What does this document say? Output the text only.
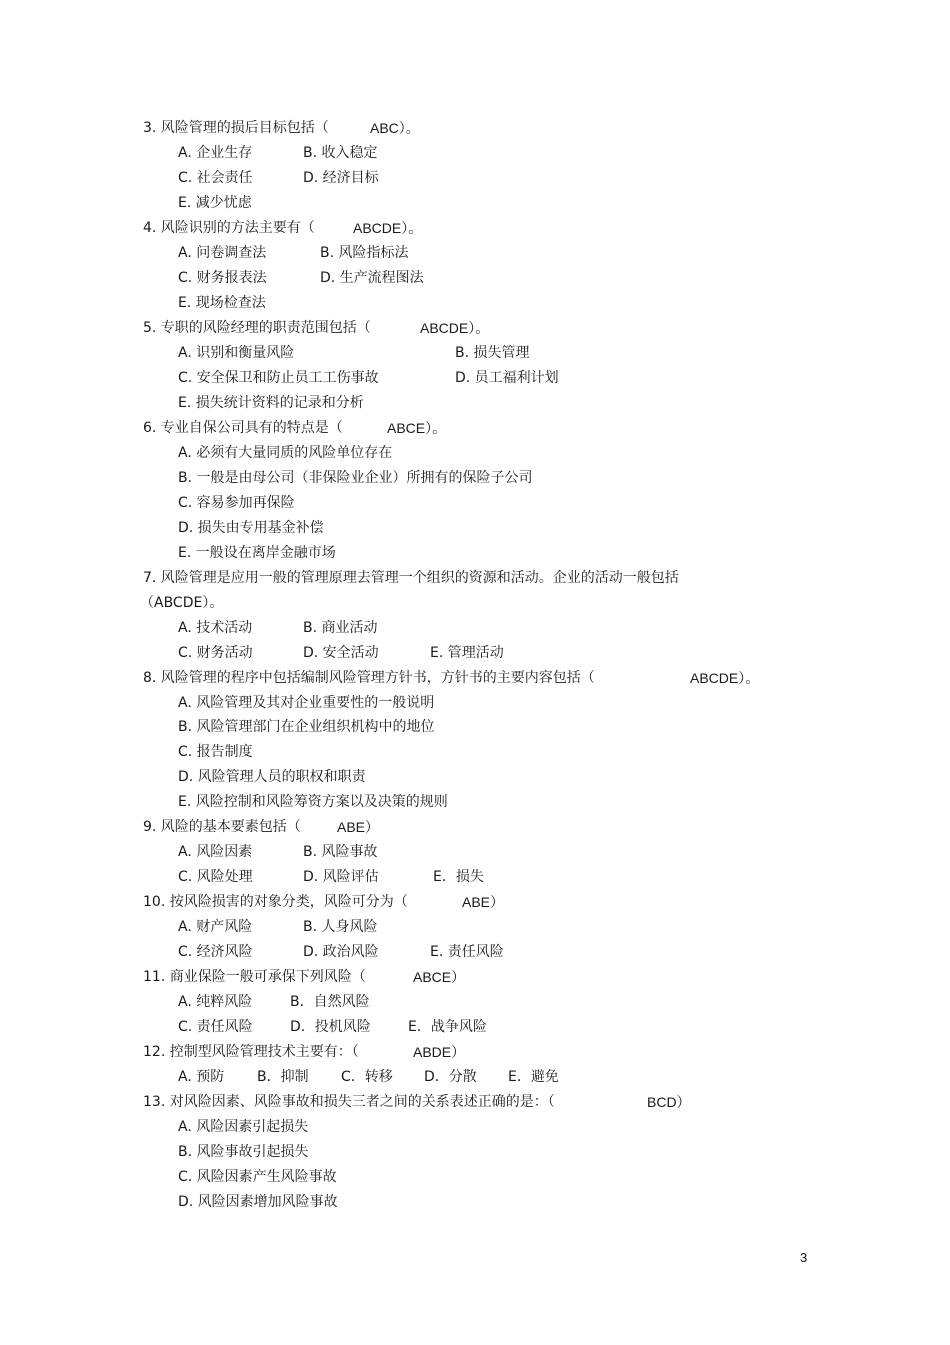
3. 风险管理的损后目标包括（	ABC）。
A. 企业生存	B. 收入稳定
C. 社会责任	D. 经济目标
E. 减少忧虑
4. 风险识别的方法主要有（	ABCDE）。
A. 问卷调查法	B. 风险指标法
C. 财务报表法	D. 生产流程图法
E. 现场检查法
5. 专职的风险经理的职责范围包括（	ABCDE）。
A. 识别和衡量风险	B. 损失管理
C. 安全保卫和防止员工工伤事故	D. 员工福利计划
E. 损失统计资料的记录和分析
6. 专业自保公司具有的特点是（	ABCE）。
A. 必须有大量同质的风险单位存在
B. 一般是由母公司（非保险业企业）所拥有的保险子公司
C. 容易参加再保险
D. 损失由专用基金补偿
E. 一般设在离岸金融市场
7. 风险管理是应用一般的管理原理去管理一个组织的资源和活动。企业的活动一般包括
（ABCDE）。
A. 技术活动	B. 商业活动
C. 财务活动	D. 安全活动	E. 管理活动
8. 风险管理的程序中包括编制风险管理方针书，方针书的主要内容包括（	ABCDE）。
A. 风险管理及其对企业重要性的一般说明
B. 风险管理部门在企业组织机构中的地位
C. 报告制度
D. 风险管理人员的职权和职责
E. 风险控制和风险筹资方案以及决策的规则
9. 风险的基本要素包括（	ABE）
A. 风险因素	B. 风险事故
C. 风险处理	D. 风险评估	E．损失
10. 按风险损害的对象分类，风险可分为（	ABE）
A. 财产风险	B. 人身风险
C. 经济风险	D. 政治风险	E. 责任风险
11. 商业保险一般可承保下列风险（	ABCE）
A. 纯粹风险	B．自然风险
C. 责任风险	D．投机风险	E．战争风险
12. 控制型风险管理技术主要有：（	ABDE）
A. 预防 B．抑制 C．转移 D．分散 E．避免
13. 对风险因素、风险事故和损失三者之间的关系表述正确的是：（	BCD）
A. 风险因素引起损失
B. 风险事故引起损失
C. 风险因素产生风险事故
D. 风险因素增加风险事故
3
